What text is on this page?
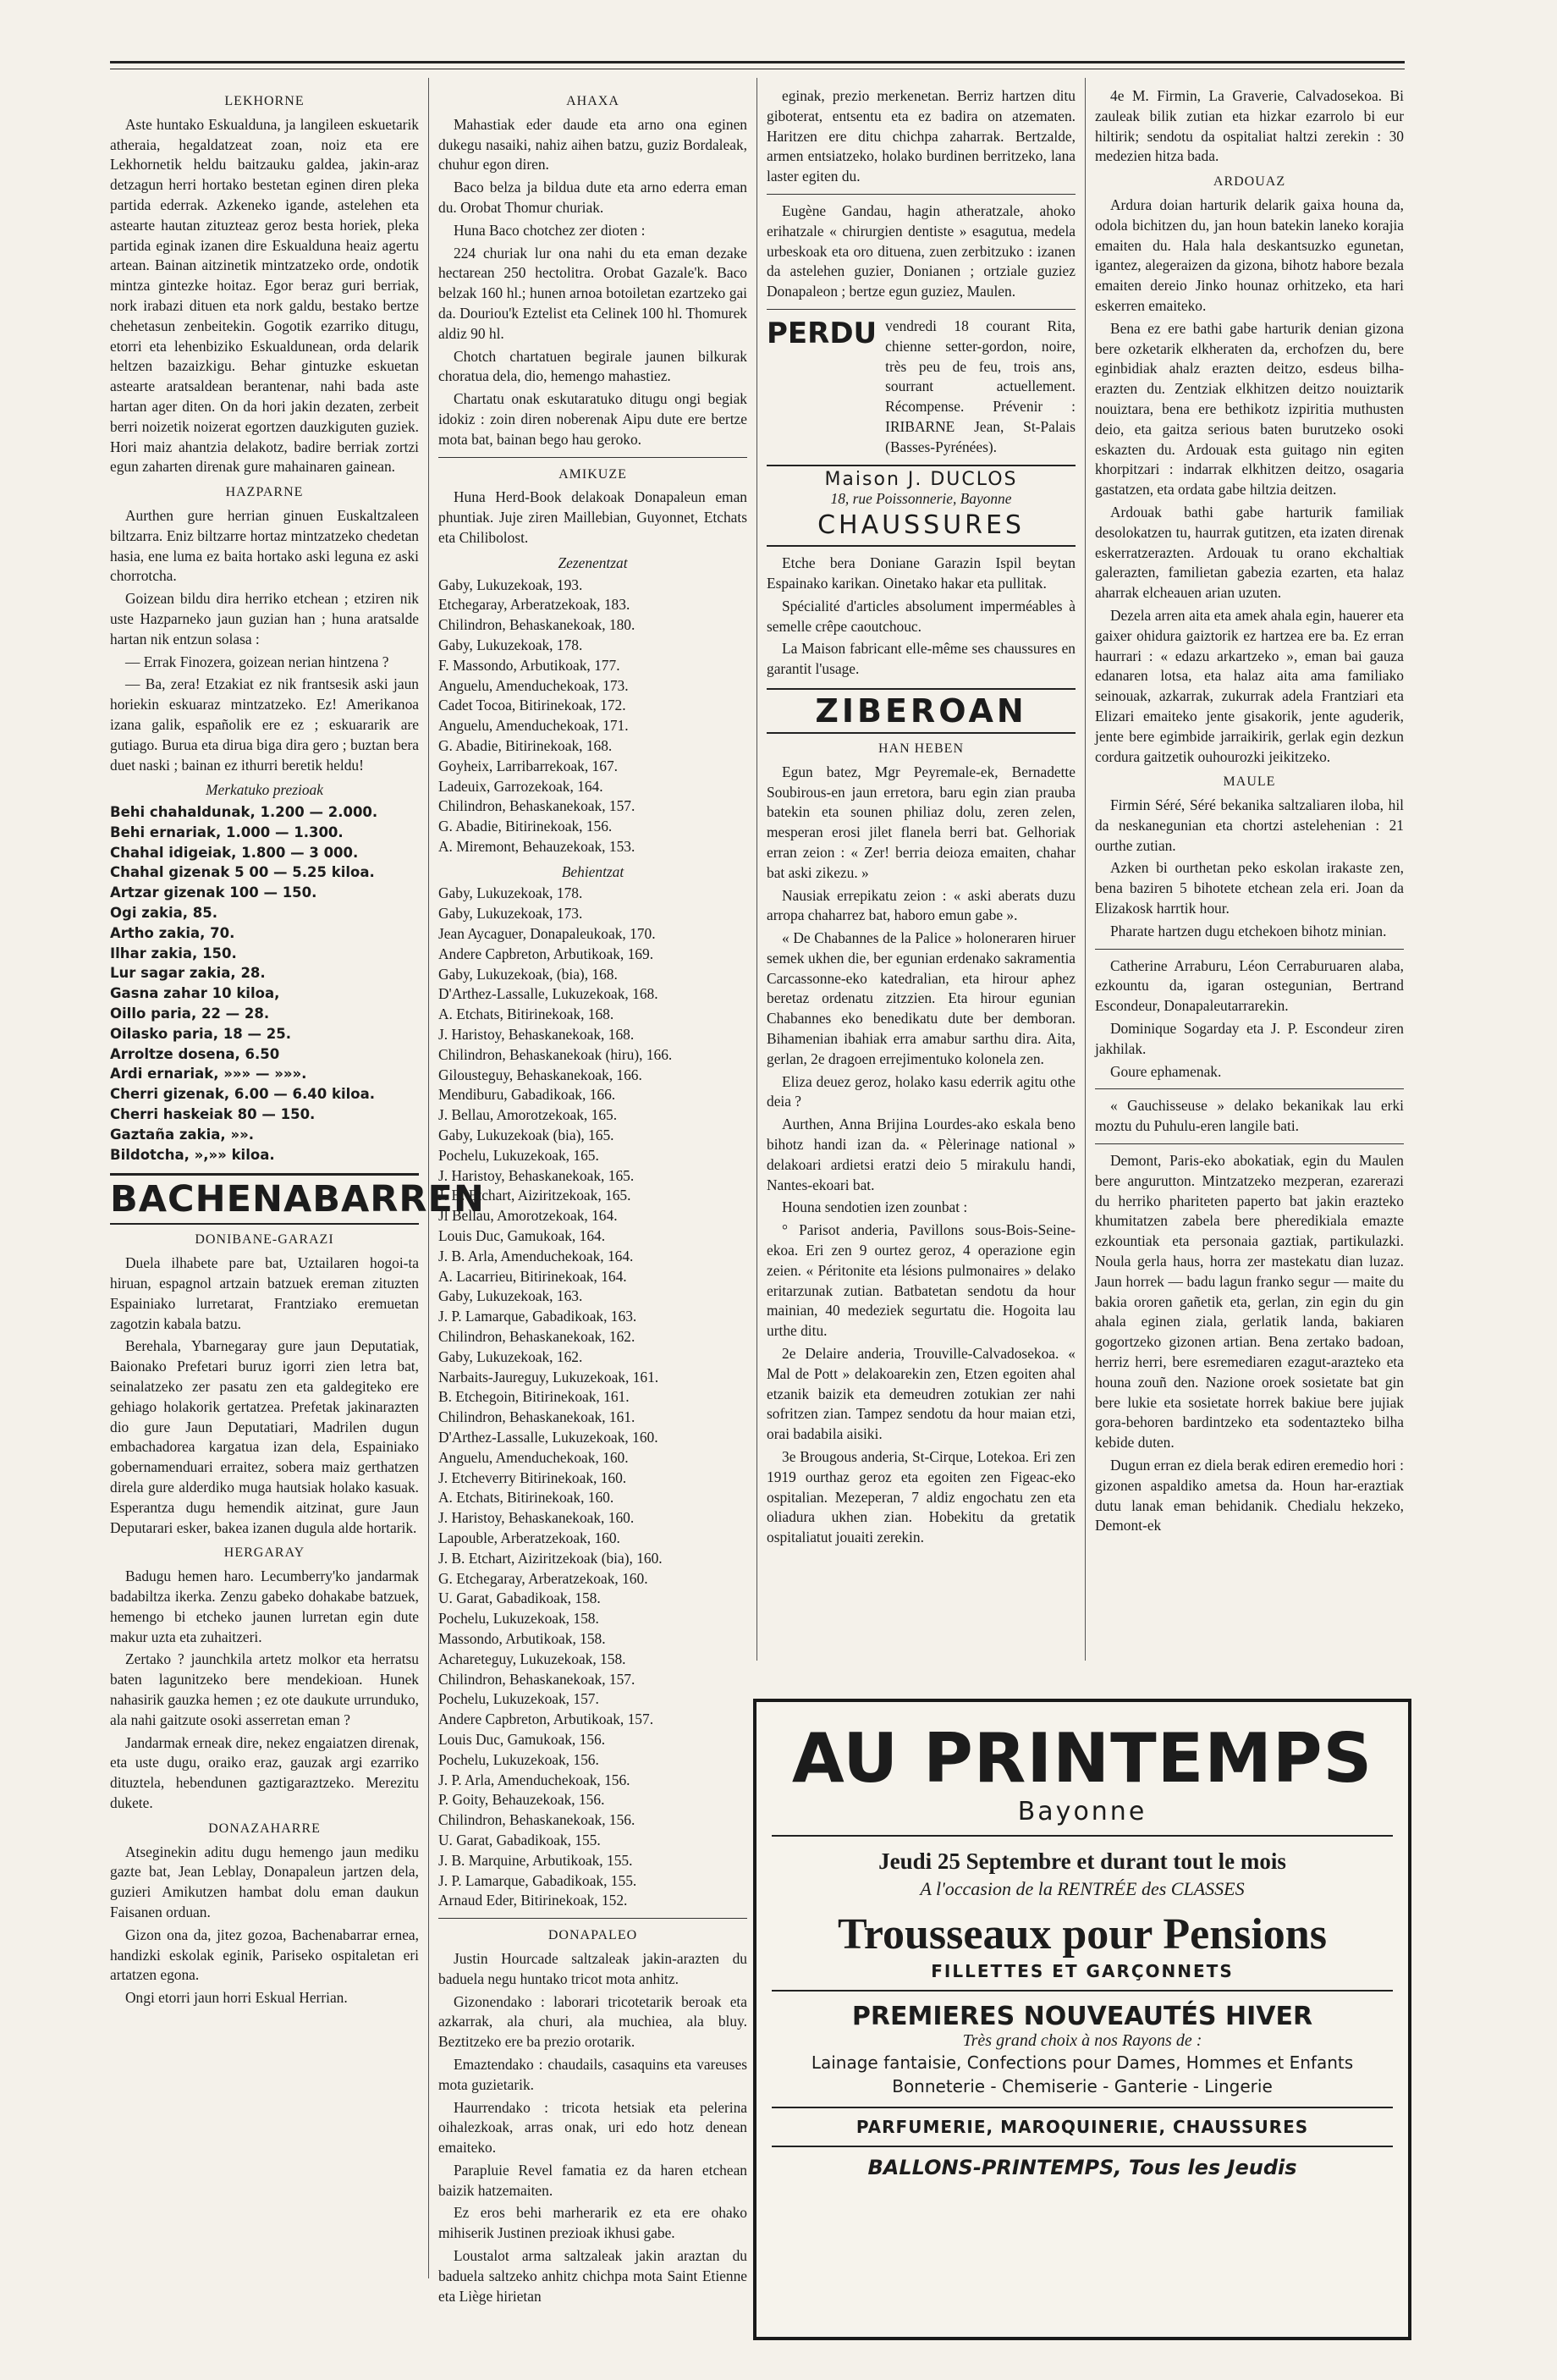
LEKHORNE

Aste huntako Eskualduna, ja langileen eskuetarik atheraia, hegaldatzeat zoan, noiz eta ere Lekhornetik heldu baitzauku galdea, jakin-araz detzagun herri hortako bestetan eginen diren pleka partida ederrak. Azkeneko igande, astelehen eta astearte hautan zituzteaz geroz besta horiek, pleka partida eginak izanen dire Eskualduna heaiz agertu artean. Bainan aitzinetik mintzatzeko orde, ondotik mintza gintezke hoitaz. Egor beraz guri berriak, nork irabazi dituen eta nork galdu, bestako bertze chehetasun zenbeitekin. Gogotik ezarriko ditugu, etorri eta lehenbiziko Eskualdunean, orda delarik heltzen bazaizkigu. Behar gintuzke eskuetan astearte aratsaldean berantenar, nahi bada aste hartan ager diten. On da hori jakin dezaten, zerbeit berri noizetik noizerat egortzen dauzkiguten guziek. Hori maiz ahantzia delakotz, badire berriak zortzi egun zaharten direnak gure mahainaren gainean.

HAZPARNE

Aurthen gure herrian ginuen Euskaltzaleen biltzarra. Eniz biltzarre hortaz mintzatzeko chedetan hasia, ene luma ez baita hortako aski leguna ez aski chorrotcha.

Goizean bildu dira herriko etchean ; etziren nik uste Hazparneko jaun guzian han ; huna aratsalde hartan nik entzun solasa :

— Errak Finozera, goizean nerian hintzena ?

— Ba, zera! Etzakiat ez nik frantsesik aski jaun horiekin eskuaraz mintzatzeko. Ez! Amerikanoa izana galik, españolik ere ez ; eskuararik are gutiago. Burua eta dirua biga dira gero ; buztan bera duet naski ; bainan ez ithurri beretik heldu!

Merkatuko prezioak
Behi chahaldunak, 1.200 — 2.000.
Behi ernariak, 1.000 — 1.300.
Chahal idigeiak, 1.800 — 3 000.
Chahal gizenak 5 00 — 5.25 kiloa.
Artzar gizenak 100 — 150.
Ogi zakia, 85.
Artho zakia, 70.
Ilhar zakia, 150.
Lur sagar zakia, 28.
Gasna zahar 10 kiloa,
Oillo paria, 22 — 28.
Oilasko paria, 18 — 25.
Arroltze dosena, 6.50
Ardi ernariak, »»» — »»».
Cherri gizenak, 6.00 — 6.40 kiloa.
Cherri haskeiak 80 — 150.
Gaztaña zakia, »».
Bildotcha, »,»» kiloa.
BACHENABARREN
DONIBANE-GARAZI

Duela ilhabete pare bat, Uztailaren hogoi-ta hiruan, espagnol artzain batzuek ereman zituzten Espainiako lurretarat, Frantziako eremuetan zagotzin kabala batzu.

Berehala, Ybarnegaray gure jaun Deputatiak, Baionako Prefetari buruz igorri zien letra bat, seinalatzeko zer pasatu zen eta galdegiteko ere gehiago holakorik gertatzea. Prefetak jakinarazten dio gure Jaun Deputatiari, Madrilen dugun embachadorea kargatua izan dela, Espainiako gobernamenduari erraitez, sobera maiz gerthatzen direla gure alderdiko muga hautsiak holako kasuak. Esperantza dugu hemendik aitzinat, gure Jaun Deputarari esker, bakea izanen dugula alde hortarik.

HERGARAY

Badugu hemen haro. Lecumberry'ko jandarmak badabiltza ikerka. Zenzu gabeko dohakabe batzuek, hemengo bi etcheko jaunen lurretan egin dute makur uzta eta zuhaitzeri.

Zertako ? jaunchkila artetz molkor eta herratsu baten lagunitzeko bere mendekioan. Hunek nahasirik gauzka hemen ; ez ote daukute urrunduko, ala nahi gaitzute osoki asserretan eman ?

Jandarmak erneak dire, nekez engaiatzen direnak, eta uste dugu, oraiko eraz, gauzak argi ezarriko dituztela, hebendunen gaztigaraztzeko. Merezitu dukete.

DONAZAHARRE

Atseginekin aditu dugu hemengo jaun mediku gazte bat, Jean Leblay, Donapaleun jartzen dela, guzieri Amikutzen hambat dolu eman daukun Faisanen orduan.

Gizon ona da, jitez gozoa, Bachenabarrar ernea, handizki eskolak eginik, Pariseko ospitaletan eri artatzen egona.

Ongi etorri jaun horri Eskual Herrian.

AHAXA

Mahastiak eder daude eta arno ona eginen dukegu nasaiki, nahiz aihen batzu, guziz Bordaleak, chuhur egon diren.

Baco belza ja bildua dute eta arno ederra eman du. Orobat Thomur churiak.

Huna Baco chotchez zer dioten :

224 churiak lur ona nahi du eta eman dezake hectarean 250 hectolitra. Orobat Gazale'k. Baco belzak 160 hl.; hunen arnoa botoiletan ezartzeko gai da. Douriou'k Eztelist eta Celinek 100 hl. Thomurek aldiz 90 hl.

Chotch chartatuen begirale jaunen bilkurak choratua dela, dio, hemengo mahastiez.

Chartatu onak eskutaratuko ditugu ongi begiak idokiz : zoin diren noberenak Aipu dute ere bertze mota bat, bainan bego hau geroko.

AMIKUZE

Huna Herd-Book delakoak Donapaleun eman phuntiak. Juje ziren Maillebian, Guyonnet, Etchats eta Chilibolost.

Zezenentzat
Gaby, Lukuzekoak, 193.
Etchegaray, Arberatzekoak, 183.
Chilindron, Behaskanekoak, 180.
Gaby, Lukuzekoak, 178.
F. Massondo, Arbutikoak, 177.
Anguelu, Amenduchekoak, 173.
Cadet Tocoa, Bitirinekoak, 172.
Anguelu, Amenduchekoak, 171.
G. Abadie, Bitirinekoak, 168.
Goyheix, Larribarrekoak, 167.
Ladeuix, Garrozekoak, 164.
Chilindron, Behaskanekoak, 157.
G. Abadie, Bitirinekoak, 156.
A. Miremont, Behauzekoak, 153.
Behientzat
Gaby, Lukuzekoak, 178.
Gaby, Lukuzekoak, 173.
Jean Aycaguer, Donapaleukoak, 170.
Andere Capbreton, Arbutikoak, 169.
Gaby, Lukuzekoak, (bia), 168.
D'Arthez-Lassalle, Lukuzekoak, 168.
A. Etchats, Bitirinekoak, 168.
J. Haristoy, Behaskanekoak, 168.
Chilindron, Behaskanekoak (hiru), 166.
Gilousteguy, Behaskanekoak, 166.
Mendiburu, Gabadikoak, 166.
J. Bellau, Amorotzekoak, 165.
Gaby, Lukuzekoak (bia), 165.
Pochelu, Lukuzekoak, 165.
J. Haristoy, Behaskanekoak, 165.
J. B. Etchart, Aiziritzekoak, 165.
Jl Bellau, Amorotzekoak, 164.
Louis Duc, Gamukoak, 164.
J. B. Arla, Amenduchekoak, 164.
A. Lacarrieu, Bitirinekoak, 164.
Gaby, Lukuzekoak, 163.
J. P. Lamarque, Gabadikoak, 163.
Chilindron, Behaskanekoak, 162.
Gaby, Lukuzekoak, 162.
Narbaits-Jaureguy, Lukuzekoak, 161.
B. Etchegoin, Bitirinekoak, 161.
Chilindron, Behaskanekoak, 161.
D'Arthez-Lassalle, Lukuzekoak, 160.
Anguelu, Amenduchekoak, 160.
J. Etcheverry Bitirinekoak, 160.
A. Etchats, Bitirinekoak, 160.
J. Haristoy, Behaskanekoak, 160.
Lapouble, Arberatzekoak, 160.
J. B. Etchart, Aiziritzekoak (bia), 160.
G. Etchegaray, Arberatzekoak, 160.
U. Garat, Gabadikoak, 158.
Pochelu, Lukuzekoak, 158.
Massondo, Arbutikoak, 158.
Achareteguy, Lukuzekoak, 158.
Chilindron, Behaskanekoak, 157.
Pochelu, Lukuzekoak, 157.
Andere Capbreton, Arbutikoak, 157.
Louis Duc, Gamukoak, 156.
Pochelu, Lukuzekoak, 156.
J. P. Arla, Amenduchekoak, 156.
P. Goity, Behauzekoak, 156.
Chilindron, Behaskanekoak, 156.
U. Garat, Gabadikoak, 155.
J. B. Marquine, Arbutikoak, 155.
J. P. Lamarque, Gabadikoak, 155.
Arnaud Eder, Bitirinekoak, 152.
DONAPALEO

Justin Hourcade saltzaleak jakin-arazten du baduela negu huntako tricot mota anhitz.

Gizonendako : laborari tricotetarik beroak eta azkarrak, ala churi, ala muchiea, ala bluy. Beztitzeko ere ba prezio orotarik.

Emaztendako : chaudails, casaquins eta vareuses mota guzietarik.

Haurrendako : tricota hetsiak eta pelerina oihalezkoak, arras onak, uri edo hotz denean emaiteko.

Parapluie Revel famatia ez da haren etchean baizik hatzemaiten.

Ez eros behi marherarik ez eta ere ohako mihiserik Justinen prezioak ikhusi gabe.

Loustalot arma saltzaleak jakin araztan du baduela saltzeko anhitz chichpa mota Saint Etienne eta Liège hirietan

eginak, prezio merkenetan. Berriz hartzen ditu giboterat, entsentu eta ez badira on atzematen. Haritzen ere ditu chichpa zaharrak. Bertzalde, armen entsiatzeko, holako burdinen berritzeko, lana laster egiten du.

Eugène Gandau, hagin atheratzale, ahoko erihatzale « chirurgien dentiste » esagutua, medela urbeskoak eta oro dituena, zuen zerbitzuko : izanen da astelehen guzier, Donianen ; ortziale guziez Donapaleon ; bertze egun guziez, Maulen.

PERDU vendredi 18 courant Rita, chienne setter-gordon, noire, très peu de feu, trois ans, sourrant actuellement. Récompense. Prévenir : IRIBARNE Jean, St-Palais (Basses-Pyrénées).
Maison J. DUCLOS
18, rue Poissonnerie, Bayonne
CHAUSSURES

Etche bera Doniane Garazin Ispil beytan Espainako karikan. Oinetako hakar eta pullitak.

Spécialité d'articles absolument imperméables à semelle crêpe caoutchouc.

La Maison fabricant elle-même ses chaussures en garantit l'usage.

ZIBEROAN
HAN HEBEN

Egun batez, Mgr Peyremale-ek, Bernadette Soubirous-en jaun erretora, baru egin zian prauba batekin eta sounen philiaz dolu, zeren zelen, mesperan erosi jilet flanela berri bat. Gelhoriak erran zeion : « Zer! berria deioza emaiten, chahar bat aski zikezu. »

Nausiak errepikatu zeion : « aski aberats duzu arropa chaharrez bat, haboro emun gabe ».

« De Chabannes de la Palice » holoneraren hiruer semek ukhen die, ber egunian erdenako sakramentia Carcassonne-eko katedralian, eta hirour aphez beretaz ordenatu zitzzien. Eta hirour egunian Chabannes eko benedikatu dute ber demboran. Bihamenian ibahiak erra amabur sarthu dira. Aita, gerlan, 2e dragoen errejimentuko kolonela zen.

Eliza deuez geroz, holako kasu ederrik agitu othe deia ?

Aurthen, Anna Brijina Lourdes-ako eskala beno bihotz handi izan da. « Pèlerinage national » delakoari ardietsi eratzi deio 5 mirakulu handi, Nantes-ekoari bat.

Houna sendotien izen zounbat :

° Parisot anderia, Pavillons sous-Bois-Seine-ekoa. Eri zen 9 ourtez geroz, 4 operazione egin zeien. « Péritonite eta lésions pulmonaires » delako eritarzunak zutian. Batbatetan sendotu da hour mainian, 40 medeziek segurtatu die. Hogoita lau urthe ditu.

2e Delaire anderia, Trouville-Calvadosekoa. « Mal de Pott » delakoarekin zen, Etzen egoiten ahal etzanik baizik eta demeudren zotukian zer nahi sofritzen zian. Tampez sendotu da hour maian etzi, orai badabila aisiki.

3e Brougous anderia, St-Cirque, Lotekoa. Eri zen 1919 ourthaz geroz eta egoiten zen Figeac-eko ospitalian. Mezeperan, 7 aldiz engochatu zen eta oliadura ukhen zian. Hobekitu da gretatik ospitaliatut jouaiti zerekin.

4e M. Firmin, La Graverie, Calvadosekoa. Bi zauleak bilik zutian eta hizkar ezarrolo bi eur hiltirik; sendotu da ospitaliat haltzi zerekin : 30 medezien hitza bada.

ARDOUAZ

Ardura doian harturik delarik gaixa houna da, odola bichitzen du, jan houn batekin laneko korajia emaiten du. Hala hala deskantsuzko egunetan, igantez, alegeraizen da gizona, bihotz habore bezala emaiten dereio Jinko hounaz orhitzeko, eta hari eskerren emaiteko.

Bena ez ere bathi gabe harturik denian gizona bere ozketarik elkheraten da, erchofzen du, bere eginbidiak ahalz erazten deitzo, esdeus bilha-erazten du. Zentziak elkhitzen deitzo nouiztarik nouiztara, bena ere bethikotz izpiritia muthusten deio, eta gaitza serious baten burutzeko osoki eskazten du. Ardouak esta guitago nin egiten khorpitzari : indarrak elkhitzen deitzo, osagaria gastatzen, eta ordata gabe hiltzia deitzen.

Ardouak bathi gabe harturik familiak desolokatzen tu, haurrak gutitzen, eta izaten direnak eskerratzerazten. Ardouak tu orano ekchaltiak galerazten, familietan gabezia ezarten, eta halaz aharrak elcheauen arian uzuten.

Dezela arren aita eta amek ahala egin, hauerer eta gaixer ohidura gaiztorik ez hartzea ere ba. Ez erran haurrari : « edazu arkartzeko », eman bai gauza edanaren lotsa, eta halaz aita ama familiako seinouak, azkarrak, zukurrak adela Frantziari eta Elizari emaiteko jente gisakorik, jente aguderik, jente bere egimbide jarraikirik, gerlak egin dezkun cordura gaitzetik ouhourozki jeikitzeko.

MAULE

Firmin Séré, Séré bekanika saltzaliaren iloba, hil da neskanegunian eta chortzi astelehenian : 21 ourthe zutian.

Azken bi ourthetan peko eskolan irakaste zen, bena baziren 5 bihotete etchean zela eri. Joan da Elizakosk harrtik hour.

Pharate hartzen dugu etchekoen bihotz minian.

Catherine Arraburu, Léon Cerraburuaren alaba, ezkountu da, igaran ostegunian, Bertrand Escondeur, Donapaleutarrarekin.

Dominique Sogarday eta J. P. Escondeur ziren jakhilak.

Goure ephamenak.

« Gauchisseuse » delako bekanikak lau erki moztu du Puhulu-eren langile bati.

Demont, Paris-eko abokatiak, egin du Maulen bere angurutton. Mintzatzeko mezperan, ezarerazi du herriko phariteten paperto bat jakin erazteko khumitatzen zabela bere pheredikiala emazte ezkountiak eta personaia gaztiak, partikulazki. Noula gerla haus, horra zer mastekatu dian luzaz. Jaun horrek — badu lagun franko segur — maite du bakia ororen gañetik eta, gerlan, zin egin du gin ahala eginen ziala, gerlatik landa, bakiaren gogortzeko gizonen artian. Bena zertako badoan, herriz herri, bere esremediaren ezagut-arazteko eta houna zouñ den. Nazione oroek sosietate bat gin bere lukie eta sosietate horrek bakiue bere jujiak gora-behoren bardintzeko eta sodentazteko bilha kebide duten.

Dugun erran ez diela berak ediren eremedio hori : gizonen aspaldiko ametsa da. Houn har-eraztiak dutu lanak eman behidanik. Chedialu hekzeko, Demont-ek

AU PRINTEMPS
Bayonne
Jeudi 25 Septembre et durant tout le mois
A l'occasion de la RENTRÉE des CLASSES
Trousseaux pour Pensions
FILLETTES ET GARÇONNETS
PREMIERES NOUVEAUTÉS HIVER
Très grand choix à nos Rayons de :
Lainage fantaisie, Confections pour Dames, Hommes et Enfants
Bonneterie - Chemiserie - Ganterie - Lingerie
PARFUMERIE, MAROQUINERIE, CHAUSSURES
BALLONS-PRINTEMPS, Tous les Jeudis
